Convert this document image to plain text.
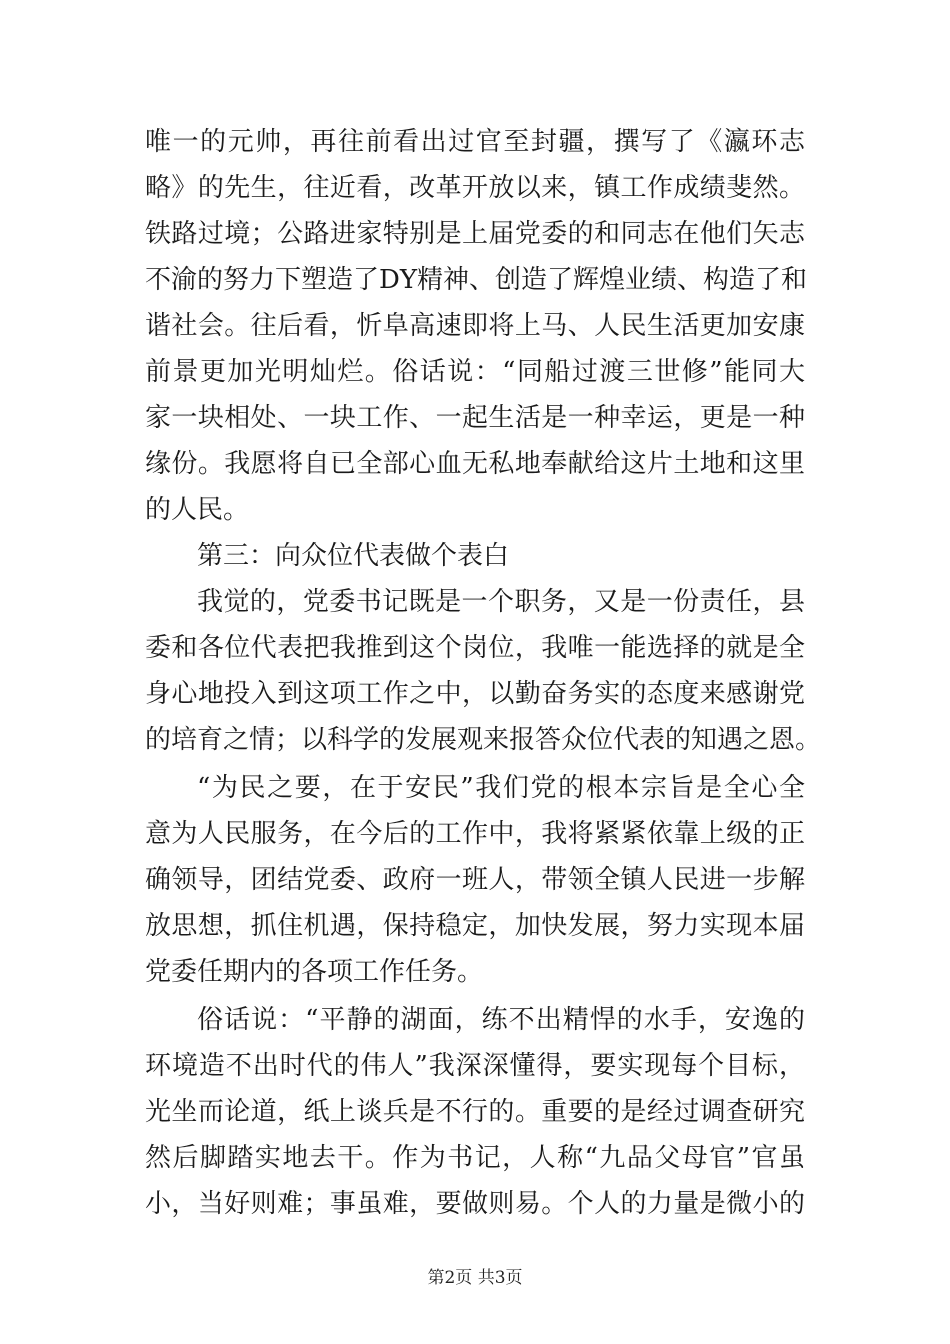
唯一的元帅，再往前看出过官至封疆，撰写了《瀛环志
略》的先生，往近看，改革开放以来，镇工作成绩斐然。
铁路过境；公路进家特别是上届党委的和同志在他们矢志
不渝的努力下塑造了DY精神、创造了辉煌业绩、构造了和
谐社会。往后看，忻阜高速即将上马、人民生活更加安康
前景更加光明灿烂。俗话说：“同船过渡三世修”能同大
家一块相处、一块工作、一起生活是一种幸运，更是一种
缘份。我愿将自已全部心血无私地奉献给这片土地和这里
的人民。
第三：向众位代表做个表白
我觉的，党委书记既是一个职务，又是一份责任，县
委和各位代表把我推到这个岗位，我唯一能选择的就是全
身心地投入到这项工作之中，以勤奋务实的态度来感谢党
的培育之情；以科学的发展观来报答众位代表的知遇之恩。
“为民之要，在于安民”我们党的根本宗旨是全心全
意为人民服务，在今后的工作中，我将紧紧依靠上级的正
确领导，团结党委、政府一班人，带领全镇人民进一步解
放思想，抓住机遇，保持稳定，加快发展，努力实现本届
党委任期内的各项工作任务。
俗话说：“平静的湖面，练不出精悍的水手，安逸的
环境造不出时代的伟人”我深深懂得，要实现每个目标，
光坐而论道，纸上谈兵是不行的。重要的是经过调查研究
然后脚踏实地去干。作为书记，人称“九品父母官”官虽
小，当好则难；事虽难，要做则易。个人的力量是微小的
第2页 共3页
